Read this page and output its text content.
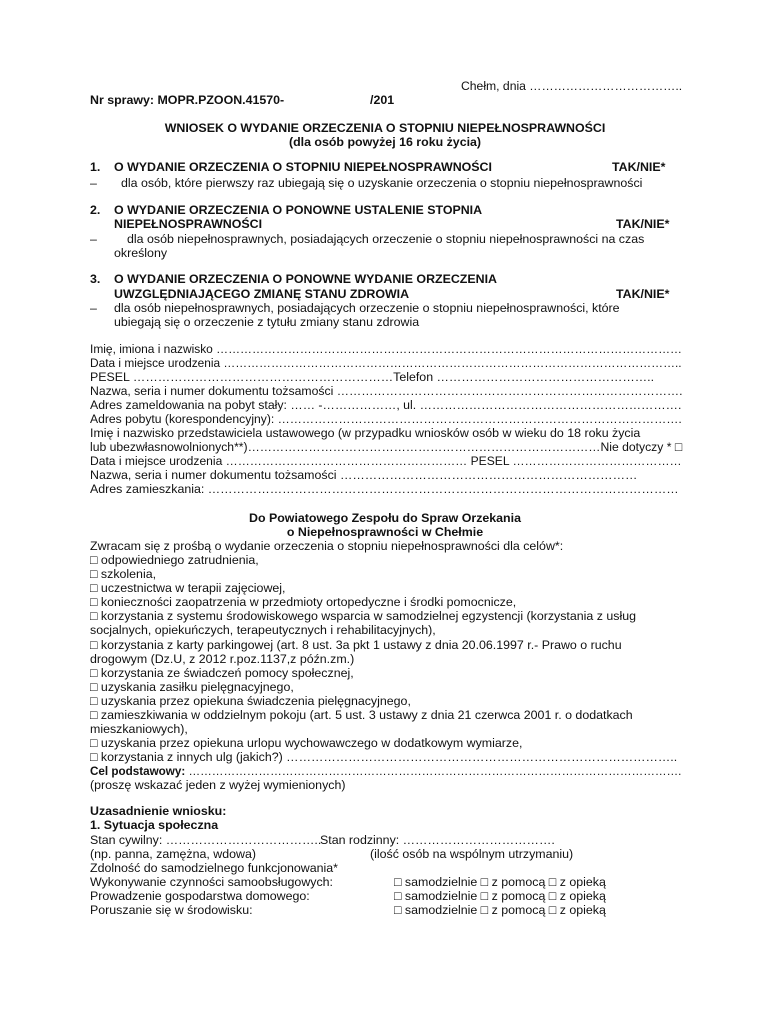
Chełm, dnia ………………………………..
Nr sprawy: MOPR.PZOON.41570-	/201
WNIOSEK O WYDANIE ORZECZENIA O STOPNIU NIEPEŁNOSPRAWNOŚCI
(dla osób powyżej 16 roku życia)
1. O WYDANIE ORZECZENIA O STOPNIU NIEPEŁNOSPRAWNOŚCI	TAK/NIE*
– dla osób, które pierwszy raz ubiegają się o uzyskanie orzeczenia o stopniu niepełnosprawności
2. O WYDANIE ORZECZENIA O PONOWNE USTALENIE STOPNIA
NIEPEŁNOSPRAWNOŚCI	TAK/NIE*
– dla osób niepełnosprawnych, posiadających orzeczenie o stopniu niepełnosprawności na czas
określony
3. O WYDANIE ORZECZENIA O PONOWNE WYDANIE ORZECZENIA
UWZGLĘDNIAJĄCEGO ZMIANĘ STANU ZDROWIA	TAK/NIE*
– dla osób niepełnosprawnych, posiadających orzeczenie o stopniu niepełnosprawności, które
ubiegają się o orzeczenie z tytułu zmiany stanu zdrowia
Imię, imiona i nazwisko ………………………………………………………………………………………………………
Data i miejsce urodzenia ……………………………………………………………………………………………………..
PESEL ………………………………………………………Telefon ……………………………………………..
Nazwa, seria i numer dokumentu tożsamości ………………………………………………………………………….
Adres zameldowania na pobyt stały: …… -………………, ul. ……………………………………………………….
Adres pobytu (korespondencyjny): ……………………………………………………………………………………….
Imię i nazwisko przedstawiciela ustawowego (w przypadku wniosków osób w wieku do 18 roku życia
lub ubezwłasnowolnionych**)……………………………………………………………………………Nie dotyczy * □
Data i miejsce urodzenia …………………………………………………… PESEL ……………………………………
Nazwa, seria i numer dokumentu tożsamości ………………………………………………………………
Adres zamieszkania: ……………………………………………………………………………………………………
Do Powiatowego Zespołu do Spraw Orzekania
o Niepełnosprawności w Chełmie
Zwracam się z prośbą o wydanie orzeczenia o stopniu niepełnosprawności dla celów*:
□ odpowiedniego zatrudnienia,
□ szkolenia,
□ uczestnictwa w terapii zajęciowej,
□ konieczności zaopatrzenia w przedmioty ortopedyczne i środki pomocnicze,
□ korzystania z systemu środowiskowego wsparcia w samodzielnej egzystencji (korzystania z usług
socjalnych, opiekuńczych, terapeutycznych i rehabilitacyjnych),
□ korzystania z karty parkingowej (art. 8 ust. 3a pkt 1 ustawy z dnia 20.06.1997 r.- Prawo o ruchu
drogowym (Dz.U, z 2012 r.poz.1137,z późn.zm.)
□ korzystania ze świadczeń pomocy społecznej,
□ uzyskania zasiłku pielęgnacyjnego,
□ uzyskania przez opiekuna świadczenia pielęgnacyjnego,
□ zamieszkiwania w oddzielnym pokoju (art. 5 ust. 3 ustawy z dnia 21 czerwca 2001 r. o dodatkach
mieszkaniowych),
□ uzyskania przez opiekuna urlopu wychowawczego w dodatkowym wymiarze,
□ korzystania z innych ulg (jakich?) …………………………………………………………………………………..
Cel podstawowy: ……………………………………………………………………………………………………………….
(proszę wskazać jeden z wyżej wymienionych)
Uzasadnienie wniosku:
1. Sytuacja społeczna
Stan cywilny: ………………………………..
Stan rodzinny: ……………………………….
(np. panna, zamężna, wdowa)	(ilość osób na wspólnym utrzymaniu)
Zdolność do samodzielnego funkcjonowania*
Wykonywanie czynności samoobsługowych:	□ samodzielnie □ z pomocą □ z opieką
Prowadzenie gospodarstwa domowego:	□ samodzielnie □ z pomocą □ z opieką
Poruszanie się w środowisku:	□ samodzielnie □ z pomocą □ z opieką
